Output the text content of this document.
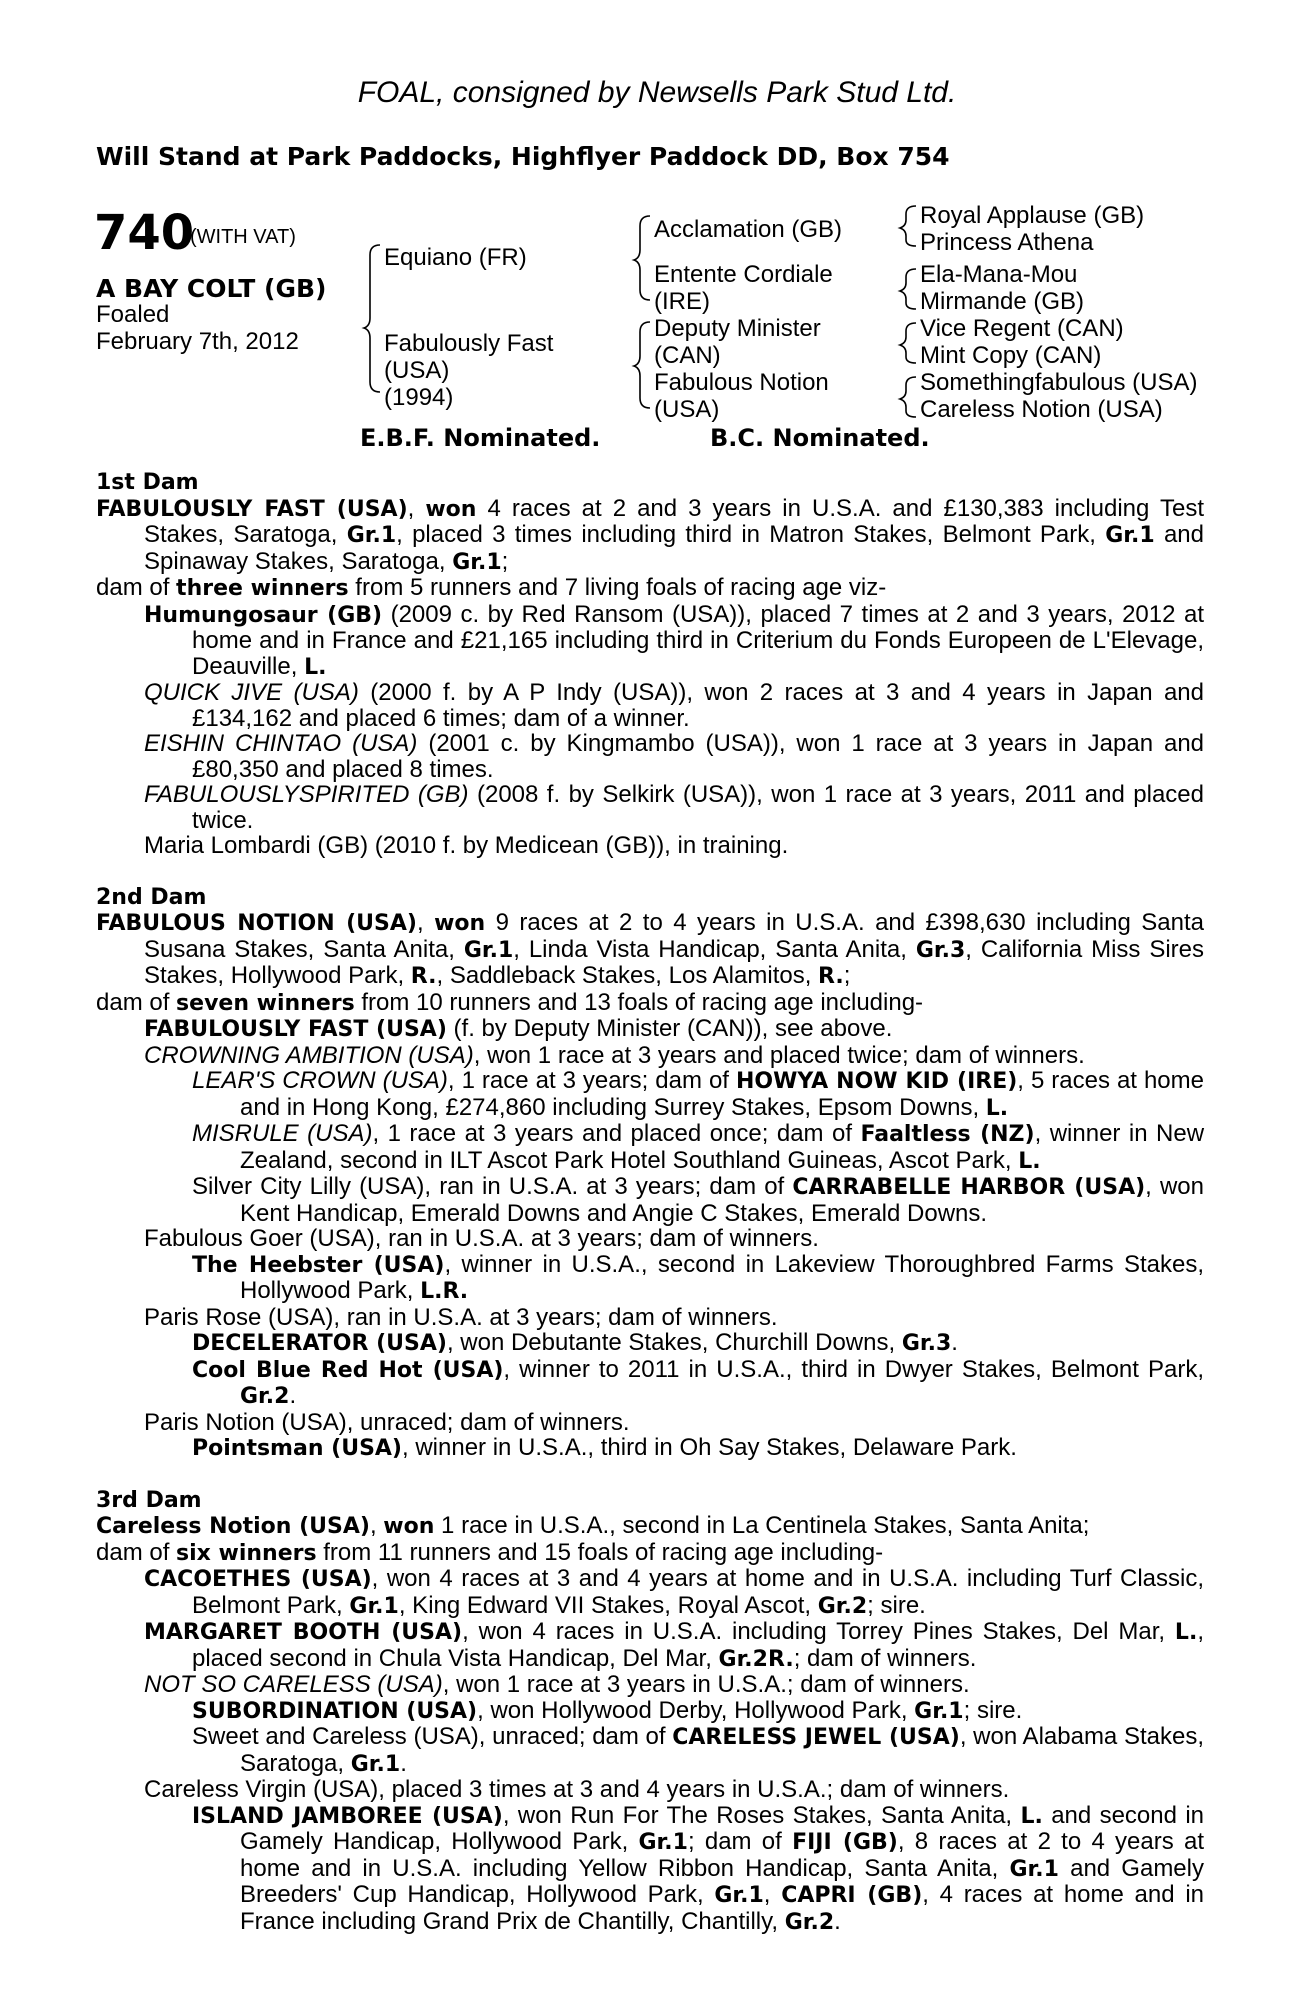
FOAL, consigned by Newsells Park Stud Ltd.
Will Stand at Park Paddocks, Highflyer Paddock DD, Box 754
740
(WITH VAT)
A BAY COLT (GB)
Foaled
February 7th, 2012
Equiano (FR)
Fabulously Fast
(USA)
(1994)
Acclamation (GB)
Entente Cordiale
(IRE)
Deputy Minister
(CAN)
Fabulous Notion
(USA)
Royal Applause (GB)
Princess Athena
Ela-Mana-Mou
Mirmande (GB)
Vice Regent (CAN)
Mint Copy (CAN)
Somethingfabulous (USA)
Careless Notion (USA)
E.B.F. Nominated.	B.C. Nominated.
1st Dam
FABULOUSLY FAST (USA), won 4 races at 2 and 3 years in U.S.A. and £130,383 including Test Stakes, Saratoga, Gr.1, placed 3 times including third in Matron Stakes, Belmont Park, Gr.1 and Spinaway Stakes, Saratoga, Gr.1;
dam of three winners from 5 runners and 7 living foals of racing age viz-
Humungosaur (GB) (2009 c. by Red Ransom (USA)), placed 7 times at 2 and 3 years, 2012 at home and in France and £21,165 including third in Criterium du Fonds Europeen de L'Elevage, Deauville, L.
QUICK JIVE (USA) (2000 f. by A P Indy (USA)), won 2 races at 3 and 4 years in Japan and £134,162 and placed 6 times; dam of a winner.
EISHIN CHINTAO (USA) (2001 c. by Kingmambo (USA)), won 1 race at 3 years in Japan and £80,350 and placed 8 times.
FABULOUSLYSPIRITED (GB) (2008 f. by Selkirk (USA)), won 1 race at 3 years, 2011 and placed twice.
Maria Lombardi (GB) (2010 f. by Medicean (GB)), in training.
2nd Dam
FABULOUS NOTION (USA), won 9 races at 2 to 4 years in U.S.A. and £398,630 including Santa Susana Stakes, Santa Anita, Gr.1, Linda Vista Handicap, Santa Anita, Gr.3, California Miss Sires Stakes, Hollywood Park, R., Saddleback Stakes, Los Alamitos, R.;
dam of seven winners from 10 runners and 13 foals of racing age including-
FABULOUSLY FAST (USA) (f. by Deputy Minister (CAN)), see above.
CROWNING AMBITION (USA), won 1 race at 3 years and placed twice; dam of winners.
LEAR'S CROWN (USA), 1 race at 3 years; dam of HOWYA NOW KID (IRE), 5 races at home and in Hong Kong, £274,860 including Surrey Stakes, Epsom Downs, L.
MISRULE (USA), 1 race at 3 years and placed once; dam of Faaltless (NZ), winner in New Zealand, second in ILT Ascot Park Hotel Southland Guineas, Ascot Park, L.
Silver City Lilly (USA), ran in U.S.A. at 3 years; dam of CARRABELLE HARBOR (USA), won Kent Handicap, Emerald Downs and Angie C Stakes, Emerald Downs.
Fabulous Goer (USA), ran in U.S.A. at 3 years; dam of winners.
The Heebster (USA), winner in U.S.A., second in Lakeview Thoroughbred Farms Stakes, Hollywood Park, L.R.
Paris Rose (USA), ran in U.S.A. at 3 years; dam of winners.
DECELERATOR (USA), won Debutante Stakes, Churchill Downs, Gr.3.
Cool Blue Red Hot (USA), winner to 2011 in U.S.A., third in Dwyer Stakes, Belmont Park, Gr.2.
Paris Notion (USA), unraced; dam of winners.
Pointsman (USA), winner in U.S.A., third in Oh Say Stakes, Delaware Park.
3rd Dam
Careless Notion (USA), won 1 race in U.S.A., second in La Centinela Stakes, Santa Anita;
dam of six winners from 11 runners and 15 foals of racing age including-
CACOETHES (USA), won 4 races at 3 and 4 years at home and in U.S.A. including Turf Classic, Belmont Park, Gr.1, King Edward VII Stakes, Royal Ascot, Gr.2; sire.
MARGARET BOOTH (USA), won 4 races in U.S.A. including Torrey Pines Stakes, Del Mar, L., placed second in Chula Vista Handicap, Del Mar, Gr.2R.; dam of winners.
NOT SO CARELESS (USA), won 1 race at 3 years in U.S.A.; dam of winners.
SUBORDINATION (USA), won Hollywood Derby, Hollywood Park, Gr.1; sire.
Sweet and Careless (USA), unraced; dam of CARELESS JEWEL (USA), won Alabama Stakes, Saratoga, Gr.1.
Careless Virgin (USA), placed 3 times at 3 and 4 years in U.S.A.; dam of winners.
ISLAND JAMBOREE (USA), won Run For The Roses Stakes, Santa Anita, L. and second in Gamely Handicap, Hollywood Park, Gr.1; dam of FIJI (GB), 8 races at 2 to 4 years at home and in U.S.A. including Yellow Ribbon Handicap, Santa Anita, Gr.1 and Gamely Breeders' Cup Handicap, Hollywood Park, Gr.1, CAPRI (GB), 4 races at home and in France including Grand Prix de Chantilly, Chantilly, Gr.2.
